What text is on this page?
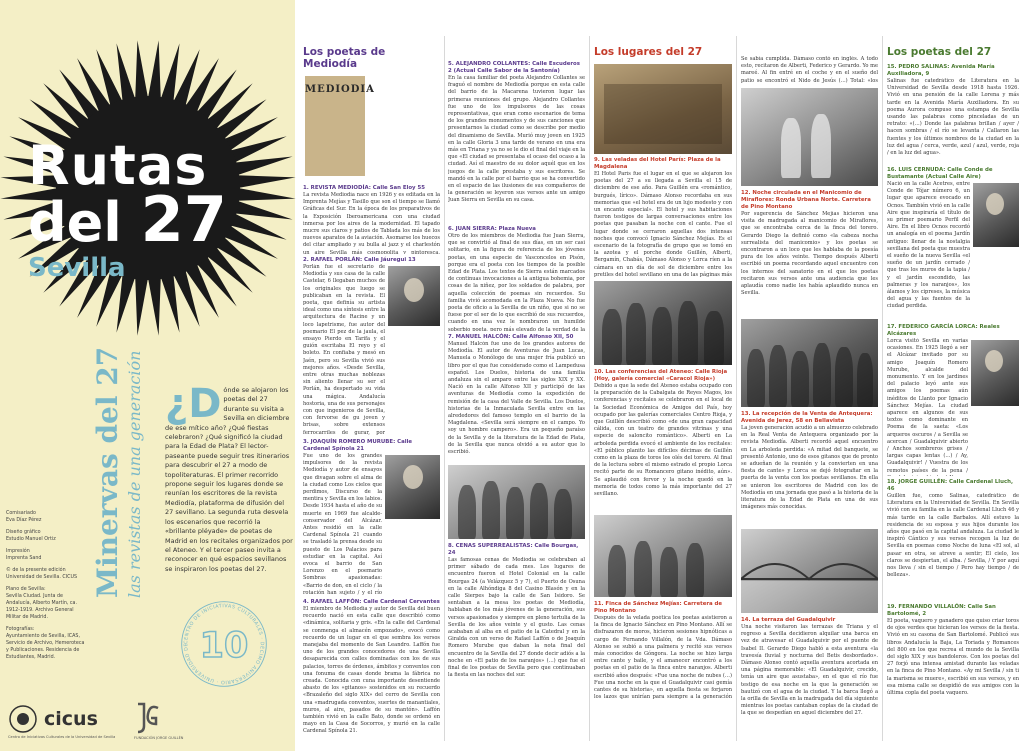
Rutas
del 27
Sevilla
Minervas del 27 las revistas de una generación ¿D ónde se alojaron los poetas del 27 durante su visita a Sevilla en diciembre de ese mítico año? ¿Qué fiestas celebraron? ¿Qué significó la ciudad para la Edad de Plata? El lector-paseante puede seguir tres itinerarios para descubrir el 27 a modo de topoliteraturas. El primer recorrido propone seguir los lugares donde se reunían los escritores de la revista Mediodía, plataforma de difusión del 27 sevillano. La segunda ruta desvela los escenarios que recorrió la «brillante pléyade» de poetas de Madrid en los recitales organizados por el Ateneo. Y el tercer paseo invita a reconocer en qué espacios sevillanos se inspiraron los poetas del 27.

Comisariado
Eva Díaz Pérez

Diseño gráfico
Estudio Manuel Ortiz

Impresión
Imprenta Sand

© de la presente edición
Universidad de Sevilla. CICUS

Plano de Sevilla:
Sevilla Ciudad. Junta de Andalucía, Alberto Martín, ca. 1912-1919. Archivo General Militar de Madrid.

Fotografías:
Ayuntamiento de Sevilla, ICAS, Servicio de Archivo, Hemeroteca y Publicaciones. Residencia de Estudiantes, Madrid.

CENTRO DE INICIATIVAS CULTURALES · DÉCIMO ANIVERSARIO · UNIVERSIDAD DE 10
cicus
Centro de Iniciativas Culturales de la Universidad de Sevilla	FUNDACIÓN JORGE GUILLÉN
Los poetas de Mediodía
MEDIODIA
1. REVISTA MEDIODÍA: Calle San Eloy 55
La revista Mediodía nace en 1926 y es editada en la Imprenta Mejías y Tasillo que son el tiempo se llamó Gráficas del Sur. En la época de los preparativos de la Exposición Iberoamericana con una ciudad inmersa por los aires de la modernidad. El tapado mucre sus claros y patios de Tablada los más de los nuevos aparatos de la aviación. Asomarse los huecos del citar ampliado y su bulla al jazz y el charlestón un aire Sevilla más cosmopolita y pintoresca.
2. RAFAEL PORLÁN: Calle Jáuregui 13
Porlán fue el secretario de Mediodía y sus casa de la calle Castelar, 6 llegaban muchos de los originales que luego se publicaban en la revista. El poeta, que definía su artista ideal como una síntesis entre la arquitectura de Racine y un loco lapetrisme, fue autor del poemario El pez de la jaula, el ensayo Pierdo en Tarifa y el guión escritaba El reyo y el boleto. En confiaba y mesó en Jaén, pero su Sevilla vivió sus mejores años. «Desde Sevilla, entre otras muchas noblezas sin aliento llenar su ser el Porlán, ha despertado su vida una mágica. Andalucía hostoria, una de sus personajes con que ingenieros de Sevilla, con fervorse de gu joven y brisas, sobre extensos ferrocarriles de gurar, por
3. JOAQUÍN ROMERO MURUBE: Calle Cardenal Spínola 21
Fue uno de los grandes impulsores de la revista Mediodía y autor de ensayos que divagan sobre el alma de la ciudad como Los cielos que perdimos, Discurso de la mentira y Sevilla en los labios. Desde 1934 hasta el año de su muerte en 1969 fue alcalde-conservador del Alcázar. Antes residió en la calle Cardenal Spínola 21 cuando se trasladó la prensa desde su puesto de Los Palacios para estudiar en la capital. Así evoca el barrio de San Lorenzo en el poemario Sombras apasionadas: «Barrio de don, en el ciclo / la rotación han sujeto / y el río
4. RAFAEL LAFFÓN: Calle Cardenal Cervantes
El miembro de Mediodía y autor de Sevilla del buen recuerdo nació en esta calle que describió como «dinámica, solitaria y gris. «En la calle del Cardenal se conmenga el almacén empozado», evocó como recuerdo de un lugar en el que sembra los versos manejaba del momento de San Leandro. Laffón fue uno de los grandes conocedores de una Sevilla desaparecida con calles dominadas con los de sus palacios, torres de órdenes, ámbitos y conventos con una fonuma de casas donde brama la fábrica no creada. Conocida con cuna importante desentiende abasto de los «gitanos» sostenidos en su recuerdo «Brazaleño del siglo XIX» del cerro de Sevilla con una «madrugada conventos, suertes de manantiales, muros, al aire, pasados de su mantón». Laffón también vivió en la calle Bato, donde se ordenó en mayo en la Casa de Socorros, y murió en la calle Cardenal Spínola 21.
5. ALEJANDRO COLLANTES: Calle Escuderos 2 (Actual Calle Sabor de la Santonía)
En la casa familiar del poeta Alejandro Collantes se fraguó el nombre de Mediodía porque en esta calle del barrio de la Macarena tuvieron lugar las primeras reuniones del grupo. Alejandro Collantes fue uno de los impulsores de las cosas representativas, que eran como escenarios de tema de los grandes monumentos y de sus canciones que presentarnos la ciudad como se describe por medio del dinamismo de Sevilla. Murió muy joven en 1925 en la calle Gloria 3 una tarde de verano en una era más en Triana y ya no se le dio el final del viaje en la que «El ciudad se presentaba el ocaso del ocaso a la ciudad. Así el maestro de su dolor aquél que en los juegos de la calle prestaba y sus escritores. Se mandó en la calle por el barrio que se ha convertido en el espacio de las ilusiones de sus compañeros de la generación se leyeron sus versos ante un amigo Juan Sierra en Sevilla en su casa.
6. JUAN SIERRA: Plaza Nueva
Otro de los miembros de Mediodía fue Juan Sierra, que se convirtió al final de sus días, en un ser casi solitario, en la figura de referencia de los jóvenes poetas, en una especie de Vasconcelos en Pisón, porque era el poeta con los tiempos de la posible Edad de Plata. Los textos de Sierra están marcados de continuas invocaciones a la antigua bohemia, por cosas de la niñez, por los soldados de palabra, por aquella colección de poemas sin recuerdos. Su familia vivió acomodada en la Plaza Nueva. No fue poeta de oficio a la Sevilla de un niño, que si no se fuese por el ser de lo que escribió de sus recuerdos, cuando en una vez le nombraron un humilde soberbio poeta, pero más elevado de la verdad de la
7. MANUEL HALCÓN: Calle Alfonso XII, 50
Manuel Halcón fue uno de los grandes autores de Mediodía. El autor de Aventuras de Juan Lucas, Manuela o Monólogo de una mujer fría publicó un libro por el que fue considerado como el Lampedusa español. Los Duelos, historia de una familia andaluza sin el amparo entre las siglos XIX y XX. Nació en la calle Alfonso XII y participó de las aventuras de Mediodía como la expedición de remisión de la casa del Valle de Sevilla. Los Duelos, historias de la Inmaculada Sevilla entre en las alrededores del famoso templo en el barrio de la Magdalena. «Sevilla será siempre en el campo. Yo soy un hombre campero». Era un pequeño paraíso de la Sevilla y de la literatura de la Edad de Plata, de la Sevilla que nunca olvidó a su autor que lo escribió.
8. CENAS SUPERREALISTAS: Calle Bourgas, 24
Las famosas cenas de Mediodía se celebraban al primer sábado de cada mes. Los lugares de encuentro fueron el Hotel Colonial en la calle Bourgas 24 (a Velázquez 5 y 7), el Puerto de Osuna en la calle Alhóndiga 8 del Casino Blasón y en la calle Sierpes bajo la calle de San Isidoro. Se sentaban a la mesa los poetas de Mediodía, hablaban de los más jóvenes de la generación, sus versos apasionados y siempre en pleno tertulia de la Sevilla de los años veinte y el gusto. Las cenas acababan al alba en el patio de la Catedral y en la Giralda con un verso de Rafael Laffón o de Joaquín Romero Murube que daban la nota final del encuentro de la Sevilla del 27 donde decir adiós a la noche en «El patio de los naranjos» (…) que fue el final de los poetas de Sevilla pero que continuaban la fiesta en las noches del sur.
Los lugares del 27
9. Las veladas del Hotel París: Plaza de la Magdalena
El Hotel París fue el lugar en el que se alojaron los poetas del 27 a su llegada a Sevilla el 15 de diciembre de ese año. Para Guillén era «romántico, burgués, lírico». Dámaso Alonso recordaba en sus memorias que «el hotel era de un lujo modesto y con un encanto especial». El hotel y sus habitaciones fueron testigos de largas conversaciones entre los poetas que pasaban la noche con el cante. Fue el lugar donde se cerraron aquellas dos intensas noches que convocó Ignacio Sánchez Mejías. Es el escenario de la fotografía de grupo que se tomó en la azotea y el porche donde Guillén, Alberti, Bergamín, Chabás, Dámaso Alonso y Lorca ríen a la cámara en un día de sol de diciembre entre los pretiles del hotel sevillano en una de las páginas más
10. Las conferencias del Ateneo: Calle Rioja (Hoy, galería comercial «Caracol Rioja»)
Debido a que la sede del Ateneo estaba ocupado con la preparación de la Cabalgata de Reyes Magos, los conferencias y recitales se celebraron en el local de la Sociedad Económica de Amigos del País, hoy ocupado por las galerías comerciales Centro Rioja, y que Guillén describió como «de una gran capacidad cálida, con un teatro de grandes vitrinas y una especie de saloncito romántico». Alberti en La arboleda perdida evocó el ambiente de los recitales: «El público planito las difíciles décimas de Guillén como en la plaza de toros los olés del torero. Al final de la lectura sobre el mismo estrado el propio Lorca recitó parte de su Romancero gitano inédito, aún». Se aplaudió con fervor y la noche quedó en la memoria de todos como la más importante del 27 sevillano.
11. Finca de Sánchez Mejías: Carretera de Pino Montano
Después de la velada poética los poetas asistieron a la finca de Ignacio Sánchez en Pino Montano. Allí se disfrazaron de moros, hicieron sesiones hipnóticas a cargo de Fernando Villalón, de la Vda. Dámaso Alonso se subió a una palmera y recitó sus versos más conocidos de Góngora. La noche se hizo larga entre cante y baile, y el amanecer encontró a los poetas en el patio de la finca entre naranjos. Alberti escribió años después: «Fue una noche de nubes (…) Fue una noche en la que el Guadalquivir casi gemía cantes de su historia», en aquella fiesta se forjaron los lazos que unirían para siempre a la generación
Se sabía cumplida. Dámaso contó en inglés. A todo esto, recitaron de Alberti, Federico y Gerardo. Yo me mareé. Al fin entré en el coche y en el sueño del patio se encontró el Nido de Jesús (…) Total: «los
12. Noche circulada en el Manicomio de Miraflores: Ronda Urbana Norte. Carretera de Pino Montano
Por sugerencia de Sánchez Mejías hicieron una visita de madrugada al manicomio de Miraflores, que se encontraba cerca de la finca del torero. Gerardo Diego la definió como «la cabeza nocha surrealista del manicomio» y los poetas se encontraron a un loco que les hablaba de la poesía pura de los años veinte. Tiempo después Alberti escribió un poema recordando aquel encuentro con los internos del sanatorio en el que los poetas recitaron sus versos ante una audiencia que les aplaudía como nadie les había aplaudido nunca en Sevilla.
13. La recepción de la Venta de Antequera: Avenida de Jerez, 58 en Bellavista
La joven generación acudió a un almuerzo celebrado en la Real Venta de Antequera organizado por la revista Mediodía. Alberti recordó aquel encuentro en La arboleda perdida: «A mitad del banquete, se presentó Antonio, uno de esos gitanos que de pronto se adueñan de la reunión y la convierten en una fiesta de cante» y Lorca se dejó fotografiar en la puerta de la venta con los poetas sevillanos. En ella se unieron los escritores de Madrid con los de Mediodía en una jornada que pasó a la historia de la literatura de la Edad de Plata en una de sus imágenes más conocidas.
14. La terraza del Guadalquivir
Una noche visitaron las terrazas de Triana y el regreso a Sevilla decidieron alquilar una barca en vez de atravesar el Guadalquivir por el puente de Isabel II. Gerardo Diego habló a esta aventura «la travesía fluvial y nocturna del Betis desbordado». Dámaso Alonso contó aquella aventura acortada en una página memorable: «El Guadalquivir, crecido, tenía un aire que asustaba», en el que el río fue testigo de esa noche en la que la generación se bautizó con el agua de la ciudad. Y la barca llegó a la orilla de Sevilla en la madrugada del día siguiente mientras los poetas cantaban coplas de la ciudad de la que se despedían en aquel diciembre del 27.
Los poetas del 27
15. PEDRO SALINAS: Avenida María Auxiliadora, 9
Salinas fue catedrático de Literatura en la Universidad de Sevilla desde 1918 hasta 1926. Vivió en una pensión de la calle Lorena y más tarde en la Avenida María Auxiliadora. En su poema Aurora compuso una estampa de Sevilla usando las palabras como pinceladas de un retrato: «(…) Donde las palabras brillan / ayer / hacen sombras / el río se levanta / Callaron las fuentes y los últimos nombres de la ciudad en la luz del agua / cerca, verde, azul / azul, verde, roja / en la luz del agua».
16. LUIS CERNUDA: Calle Conde de Bustamante (Actual Calle Aire)
Nació en la calle Acetres, entre Conde de Tójar número 6, un lugar que aparece evocado en Ocnos. También vivió en la calle Aire que inspiraría el título de su primer poemario Perfil del Aire. En el libro Ocnos recordó un analogía en el poema Jardín antiguo: llenar de la nostalgia sevillana del poeta que muestra el sueño de la nueva Sevilla «el sueño de un jardín cerrado / que tras los muros de la tapia / y el jardín escondido, las palmeras y los naranjos», los álamos y los cipreses, la música del agua y las fuentes de la ciudad perdida.
17. FEDERICO GARCÍA LORCA: Reales Alcázares
Lorca visitó Sevilla en varias ocasiones. En 1925 llegó a ser el Alcázar invitado por su amigo Joaquín Romero Murube, alcalde del monumento. Y en los jardines del palacio leyó ante sus amigos los poemas aún inéditos de Llanto por Ignacio Sánchez Mejías. La ciudad aparece en algunos de sus textos como dominante en Poema de la saeta: «Los arqueros oscuros / a Sevilla se acercan / Guadalquivir abierto / Anchos sombreros grises / largas capas lentas (…) / Ay, Guadalquivir! / Vuestra de los remotos países de la pena /
18. JORGE GUILLÉN: Calle Cardenal Lluch, 46
Guillén fue, como Salinas, catedrático de Literatura en la Universidad de Sevilla. En Sevilla vivió con su familia en la calle Cardenal Lluch 46 y más tarde en la calle Barbalos. Allí estuvo la residencia de su esposa y sus hijos durante los años que pasó en la capital andaluza. La ciudad le inspiró Cántico y sus versos recogen la luz de Sevilla en poemas como Noche de luna «El sol, al pasar en otra, se atreve a sentir; El cielo, los claros se despiertan, el alba. / Sevilla, / Y por aquí nos lleva / sin el tiempo / Pero hay tiempo / de belleza».
19. FERNANDO VILLALÓN: Calle San Bartolomé, 2
El poeta, vaquero y ganadero que quiso criar toros de ojos verdes que hicieran los versos de la fiesta. Vivió en su casona de San Bartolomé. Publicó sus libros Andalucía la Baja, La Toriada y Romances del 800 en los que recrea el mundo de la Sevilla del siglo XIX y sus bandoleros. Con los poetas del 27 forjó una intensa amistad durante las veladas en la finca de Pino Montano. «Ay mi Sevilla / sin ti la marisma se muere», escribió en sus versos, y en esa misma calle se despidió de sus amigos con la última copla del poeta vaquero.
